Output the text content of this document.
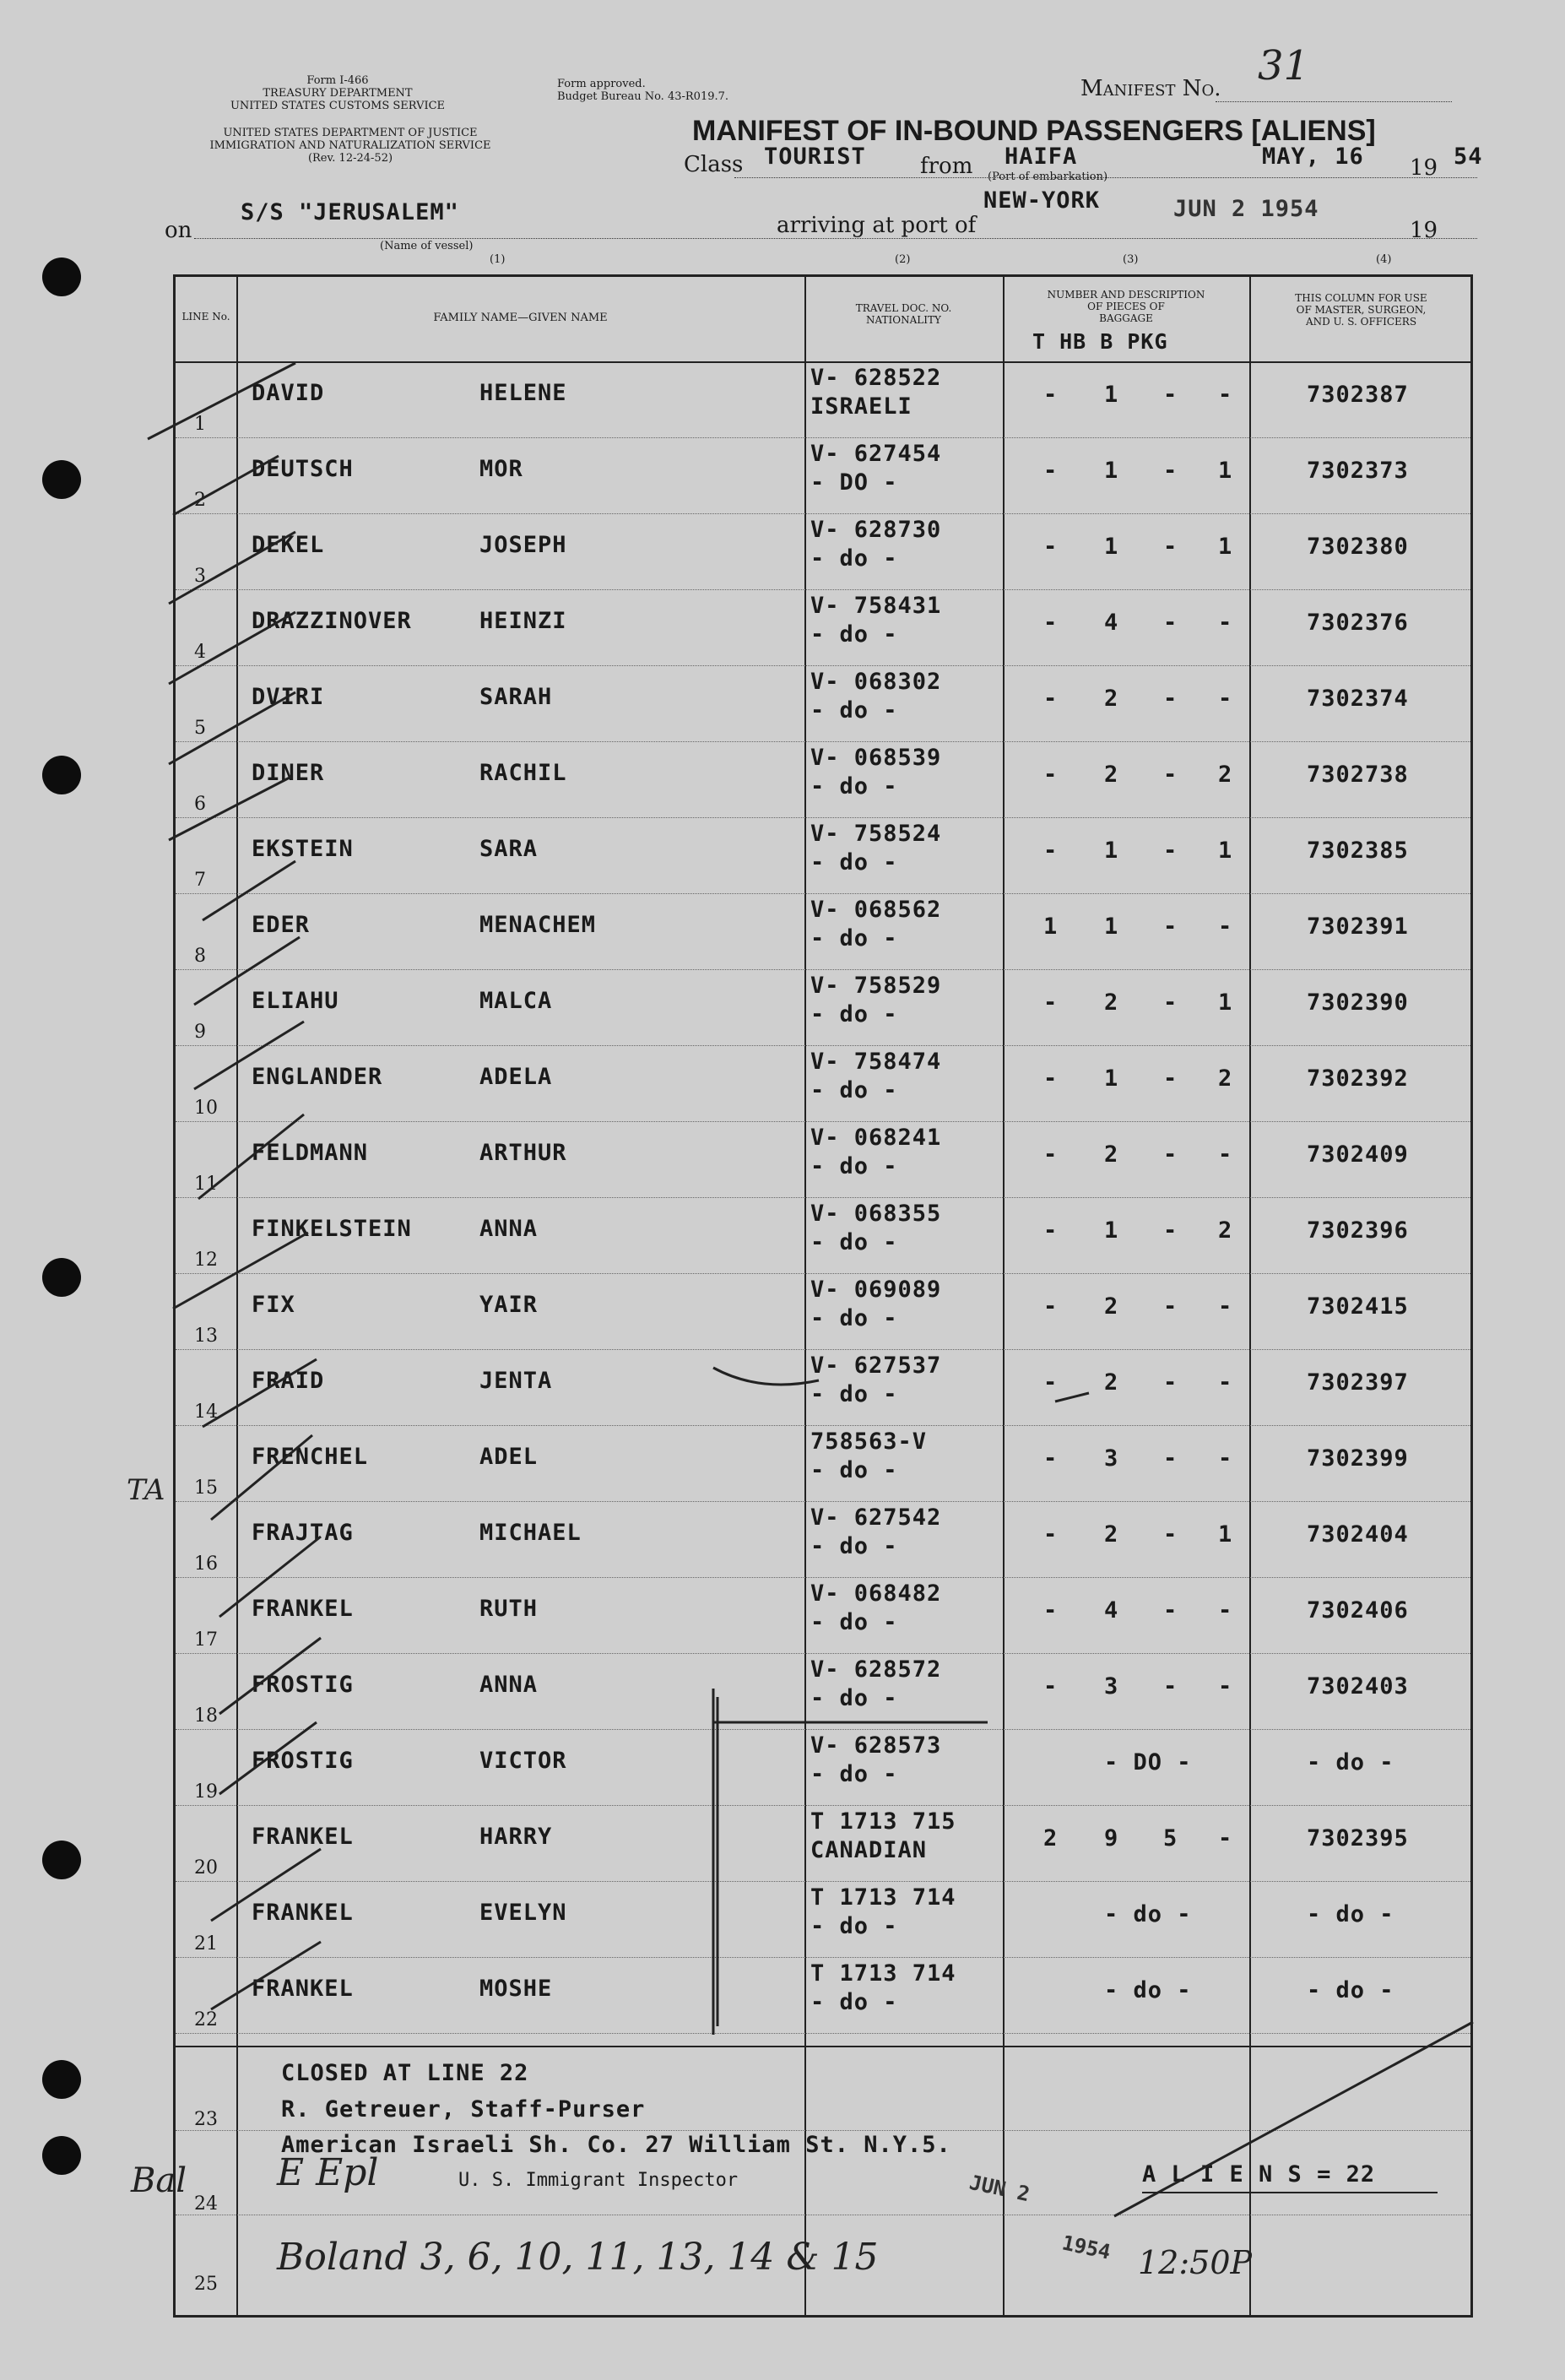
Form I-466
TREASURY DEPARTMENT
UNITED STATES CUSTOMS SERVICE
UNITED STATES DEPARTMENT OF JUSTICE
IMMIGRATION AND NATURALIZATION SERVICE
(Rev. 12-24-52)
Form approved.
Budget Bureau No. 43-R019.7.	Manifest No. 31
MANIFEST OF IN-BOUND PASSENGERS [ALIENS]
Class TOURIST from HAIFA	MAY, 16 19 54
(Port of embarkation)
on
S/S "JERUSALEM"
(Name of vessel)
(1)
arriving at port of
NEW-YORK	JUN 2 1954
19
(2)	(3)	(4)
LINE No.	FAMILY NAME—GIVEN NAME
TRAVEL DOC. NO.
NATIONALITY
NUMBER AND DESCRIPTION
OF PIECES OF
BAGGAGE
T HB B PKG
THIS COLUMN FOR USE
OF MASTER, SURGEON,
AND U. S. OFFICERS
1
DAVID	HELENE
V- 628522
ISRAELI	- 1 - -	7302387
2
DEUTSCH	MOR
V- 627454
- DO -	- 1 - 1	7302373
3
DEKEL	JOSEPH
V- 628730
- do -	- 1 - 1	7302380
4
DRAZZINOVER	HEINZI
V- 758431
- do -	- 4 - -	7302376
5
DVIRI	SARAH
V- 068302
- do -	- 2 - -	7302374
6
DINER	RACHIL
V- 068539
- do -	- 2 - 2	7302738
7
EKSTEIN	SARA
V- 758524
- do -	- 1 - 1	7302385
8
EDER	MENACHEM
V- 068562
- do -	1 1 - -	7302391
9
ELIAHU	MALCA
V- 758529
- do -	- 2 - 1	7302390
10
ENGLANDER	ADELA
V- 758474
- do -	- 1 - 2	7302392
11
FELDMANN	ARTHUR
V- 068241
- do -	- 2 - -	7302409
12
FINKELSTEIN	ANNA
V- 068355
- do -	- 1 - 2	7302396
13
FIX	YAIR
V- 069089
- do -	- 2 - -	7302415
14
FRAID	JENTA
V- 627537
- do -	- 2 - -	7302397
15
FRENCHEL	ADEL
758563-V
- do -	- 3 - -	7302399
16
FRAJTAG	MICHAEL
V- 627542
- do -	- 2 - 1	7302404
17
FRANKEL	RUTH
V- 068482
- do -	- 4 - -	7302406
18
FROSTIG	ANNA
V- 628572
- do -	- 3 - -	7302403
19
FROSTIG	VICTOR
V- 628573
- do -	- DO -	- do -
20
FRANKEL	HARRY
T 1713 715
CANADIAN	2 9 5 -	7302395
21
FRANKEL	EVELYN
T 1713 714
- do -	- do -	- do -
22
FRANKEL	MOSHE
T 1713 714
- do -	- do -	- do -
23
24
25
CLOSED AT LINE 22
R. Getreuer, Staff-Purser
American Israeli Sh. Co. 27 William St. N.Y.5.
A L I E N S = 22
U. S. Immigrant Inspector
E Epl
Boland 3, 6, 10, 11, 13, 14 & 15
JUN 2
1954 12:50P
TA
Bal
